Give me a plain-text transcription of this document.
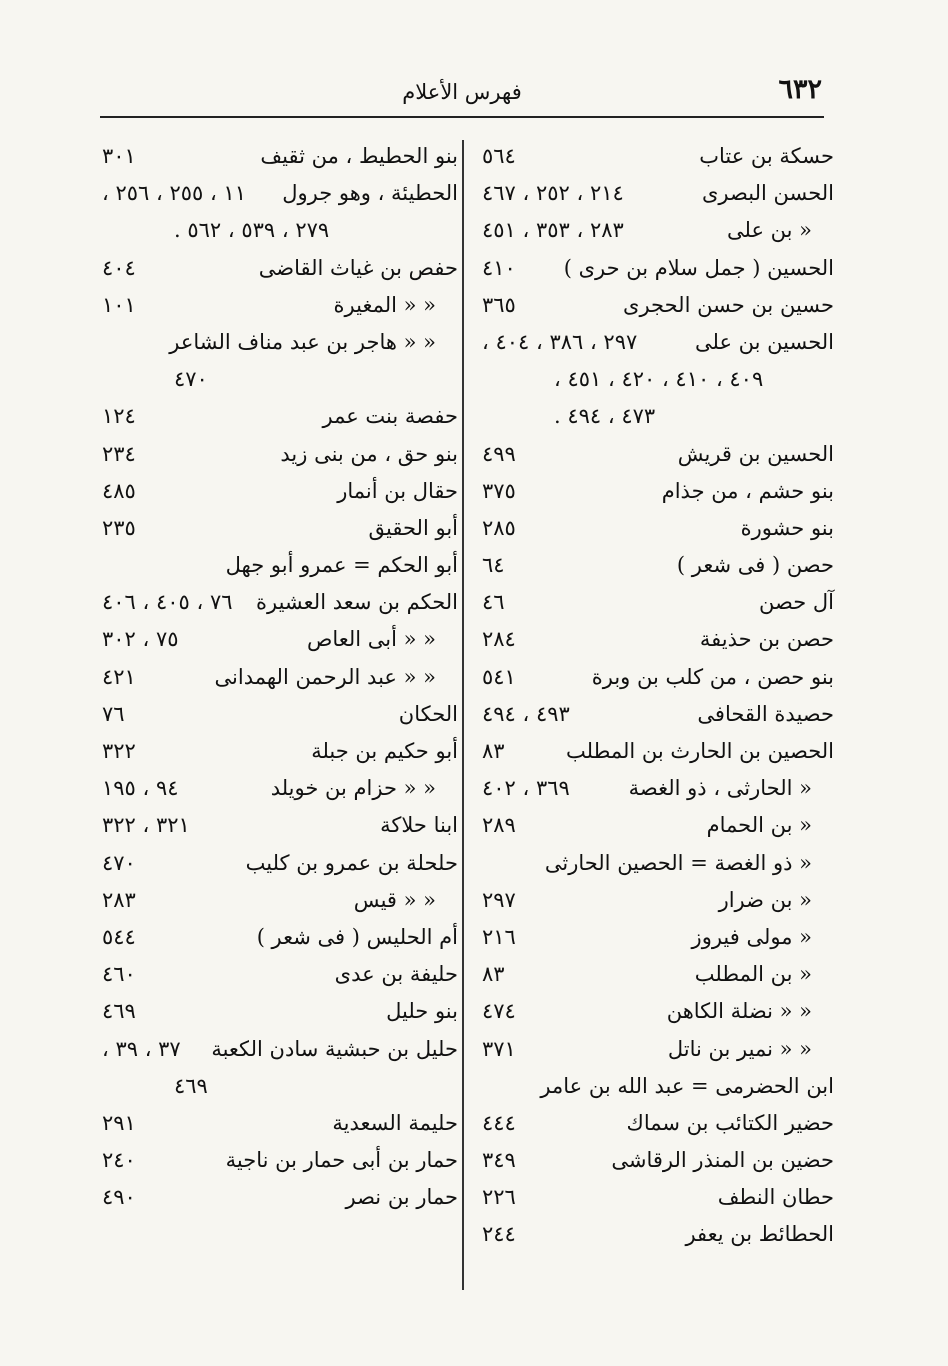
٦٣٢
فهرس الأعلام
حسكة بن عتاب
٥٦٤
الحسن البصرى
٢١٤ ، ٢٥٢ ، ٤٦٧
« بن على
٢٨٣ ، ٣٥٣ ، ٤٥١
الحسين ( جمل سلام بن حرى )
٤١٠
حسين بن حسن الحجرى
٣٦٥
الحسين بن على
٢٩٧ ، ٣٨٦ ، ٤٠٤ ،
٤٠٩ ، ٤١٠ ، ٤٢٠ ، ٤٥١ ،
٤٧٣ ، ٤٩٤ .
الحسين بن قريش
٤٩٩
بنو حشم ، من جذام
٣٧٥
بنو حشورة
٢٨٥
حصن ( فى شعر )
٦٤
آل حصن
٤٦
حصن بن حذيفة
٢٨٤
بنو حصن ، من كلب بن وبرة
٥٤١
حصيدة القحافى
٤٩٣ ، ٤٩٤
الحصين بن الحارث بن المطلب
٨٣
« الحارثى ، ذو الغصة
٣٦٩ ، ٤٠٢
« بن الحمام
٢٨٩
« ذو الغصة = الحصين الحارثى
« بن ضرار
٢٩٧
« مولى فيروز
٢١٦
« بن المطلب
٨٣
« « نضلة الكاهن
٤٧٤
« « نمير بن ناتل
٣٧١
ابن الحضرمى = عبد الله بن عامر
حضير الكتائب بن سماك
٤٤٤
حضين بن المنذر الرقاشى
٣٤٩
حطان النطف
٢٢٦
الحطائط بن يعفر
٢٤٤
بنو الحطيط ، من ثقيف
٣٠١
الحطيئة ، وهو جرول
١١ ، ٢٥٥ ، ٢٥٦ ،
٢٧٩ ، ٥٣٩ ، ٥٦٢ .
حفص بن غياث القاضى
٤٠٤
« « المغيرة
١٠١
« « هاجر بن عبد مناف الشاعر
٤٧٠
حفصة بنت عمر
١٢٤
بنو حق ، من بنى زيد
٢٣٤
حقال بن أنمار
٤٨٥
أبو الحقيق
٢٣٥
أبو الحكم = عمرو أبو جهل
الحكم بن سعد العشيرة
٧٦ ، ٤٠٥ ، ٤٠٦
« « أبى العاص
٧٥ ، ٣٠٢
« « عبد الرحمن الهمدانى
٤٢١
الحكان
٧٦
أبو حكيم بن جبلة
٣٢٢
« « حزام بن خويلد
٩٤ ، ١٩٥
ابنا حلاكة
٣٢١ ، ٣٢٢
حلحلة بن عمرو بن كليب
٤٧٠
« « قيس
٢٨٣
أم الحليس ( فى شعر )
٥٤٤
حليفة بن عدى
٤٦٠
بنو حليل
٤٦٩
حليل بن حبشية سادن الكعبة
٣٧ ، ٣٩ ،
٤٦٩
حليمة السعدية
٢٩١
حمار بن أبى حمار بن ناجية
٢٤٠
حمار بن نصر
٤٩٠
